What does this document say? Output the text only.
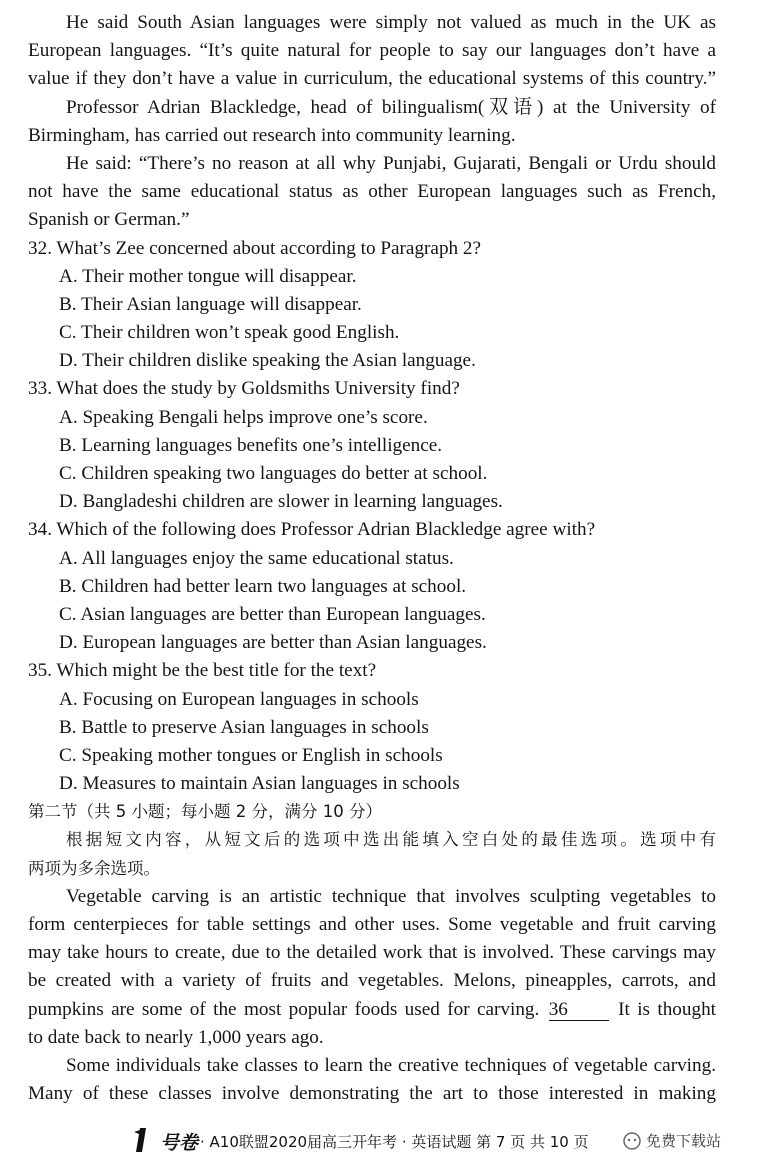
He said South Asian languages were simply not valued as much in the UK as
European languages. “It’s quite natural for people to say our languages don’t have a
value if they don’t have a value in curriculum, the educational systems of this country.”
Professor Adrian Blackledge, head of bilingualism(双语) at the University of
Birmingham, has carried out research into community learning.
He said: “There’s no reason at all why Punjabi, Gujarati, Bengali or Urdu should
not have the same educational status as other European languages such as French,
Spanish or German.”
32. What’s Zee concerned about according to Paragraph 2?
A. Their mother tongue will disappear.
B. Their Asian language will disappear.
C. Their children won’t speak good English.
D. Their children dislike speaking the Asian language.
33. What does the study by Goldsmiths University find?
A. Speaking Bengali helps improve one’s score.
B. Learning languages benefits one’s intelligence.
C. Children speaking two languages do better at school.
D. Bangladeshi children are slower in learning languages.
34. Which of the following does Professor Adrian Blackledge agree with?
A. All languages enjoy the same educational status.
B. Children had better learn two languages at school.
C. Asian languages are better than European languages.
D. European languages are better than Asian languages.
35. Which might be the best title for the text?
A. Focusing on European languages in schools
B. Battle to preserve Asian languages in schools
C. Speaking mother tongues or English in schools
D. Measures to maintain Asian languages in schools
第二节（共 5 小题；每小题 2 分，满分 10 分）
根据短文内容，从短文后的选项中选出能填入空白处的最佳选项。选项中有
两项为多余选项。
Vegetable carving is an artistic technique that involves sculpting vegetables to
form centerpieces for table settings and other uses. Some vegetable and fruit carving
may take hours to create, due to the detailed work that is involved. These carvings may
be created with a variety of fruits and vegetables. Melons, pineapples, carrots, and
pumpkins are some of the most popular foods used for carving. 36	It is thought
to date back to nearly 1,000 years ago.
Some individuals take classes to learn the creative techniques of vegetable carving.
Many of these classes involve demonstrating the art to those interested in making
号卷 · A10联盟2020届高三开年考 · 英语试题 第 7 页 共 10 页	免费下载站
